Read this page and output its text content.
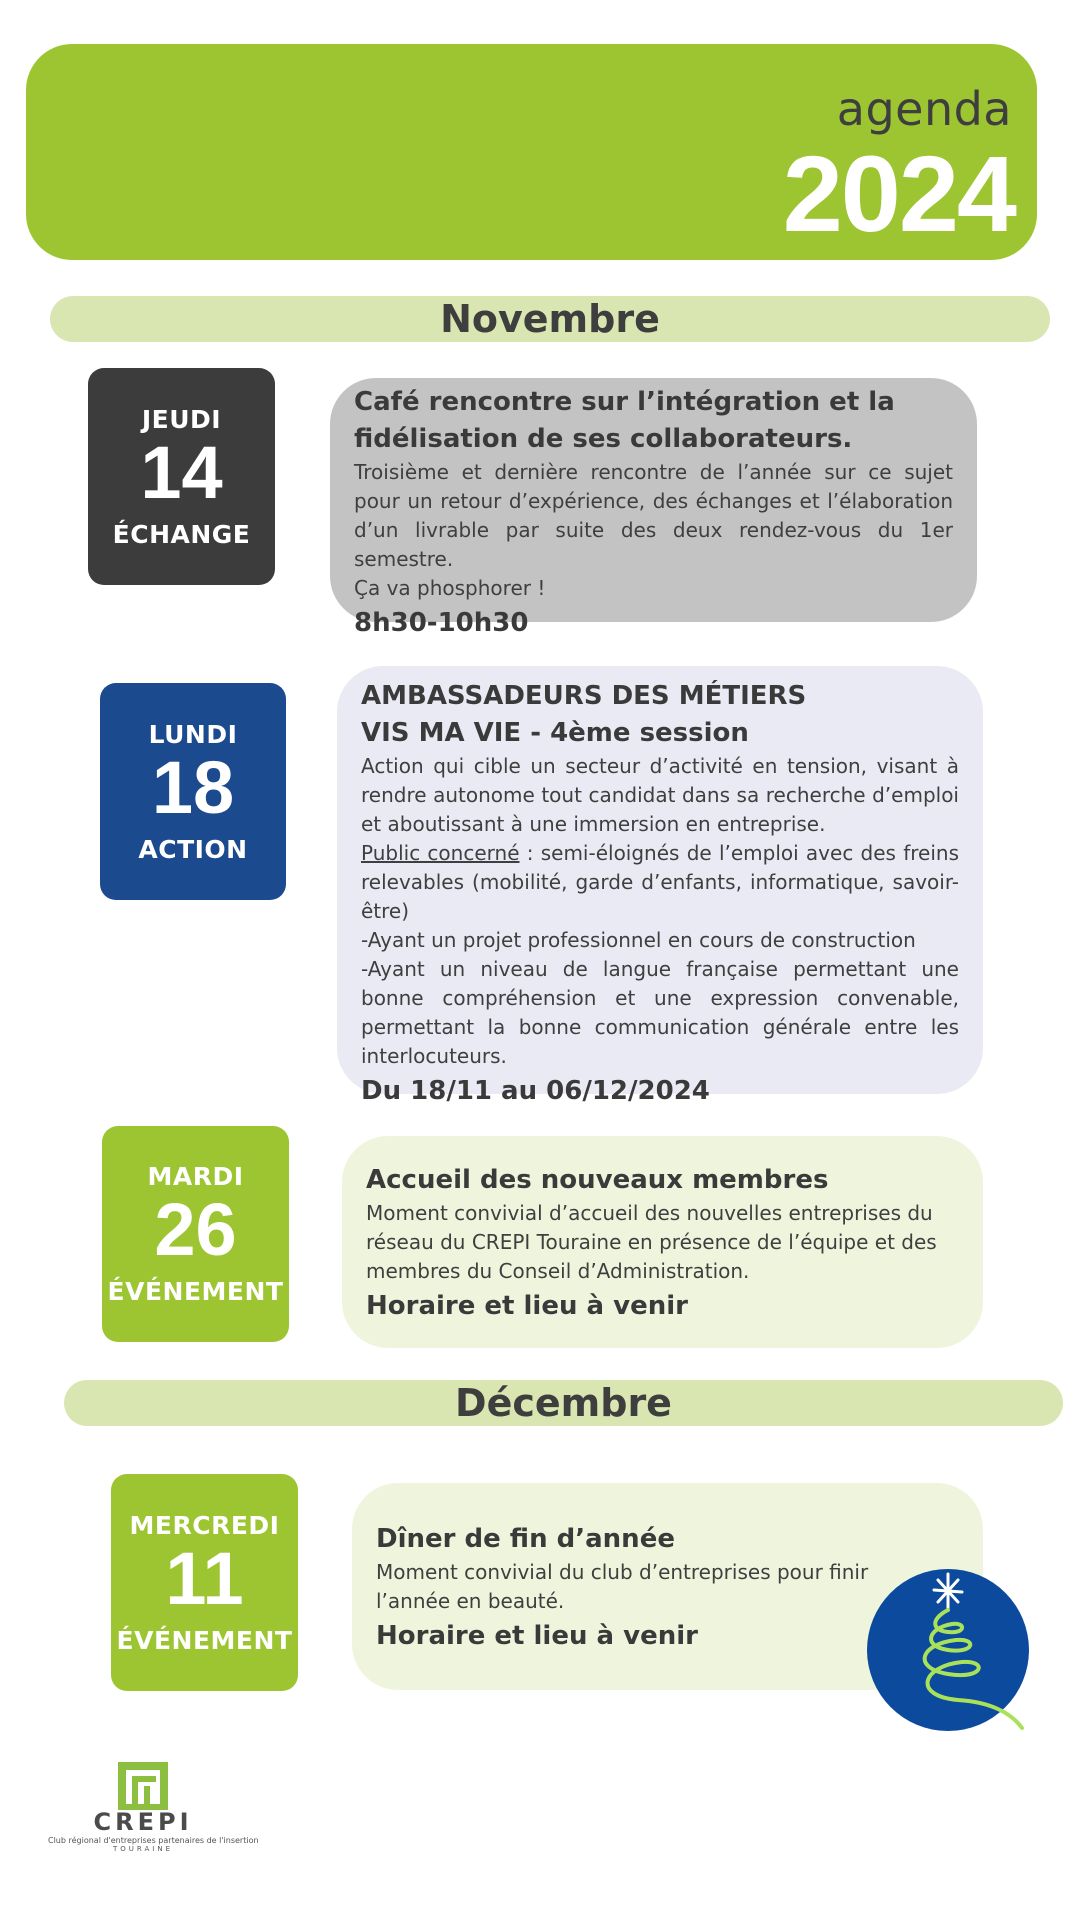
agenda
2024
Novembre
JEUDI
14
ÉCHANGE
Café rencontre sur l’intégration et la fidélisation de ses collaborateurs.
Troisième et dernière rencontre de l’année sur ce sujet pour un retour d’expérience, des échanges et l’élaboration d’un livrable par suite des deux rendez-vous du 1er semestre.
Ça va phosphorer !
8h30-10h30
LUNDI
18
ACTION
AMBASSADEURS DES MÉTIERS
VIS MA VIE - 4ème session
Action qui cible un secteur d’activité en tension, visant à rendre autonome tout candidat dans sa recherche d’emploi et aboutissant à une immersion en entreprise.
Public concerné : semi-éloignés de l’emploi avec des freins relevables (mobilité, garde d’enfants, informatique, savoir-être)
-Ayant un projet professionnel en cours de construction
-Ayant un niveau de langue française permettant une bonne compréhension et une expression convenable, permettant la bonne communication générale entre les interlocuteurs.
Du 18/11 au 06/12/2024
MARDI
26
ÉVÉNEMENT
Accueil des nouveaux membres
Moment convivial d’accueil des nouvelles entreprises du réseau du CREPI Touraine en présence de l’équipe et des membres du Conseil d’Administration.
Horaire et lieu à venir
Décembre
MERCREDI
11
ÉVÉNEMENT
Dîner de fin d’année
Moment convivial du club d’entreprises pour finir l’année en beauté.
Horaire et lieu à venir
CREPI
Club régional d'entreprises partenaires de l'insertion
TOURAINE
